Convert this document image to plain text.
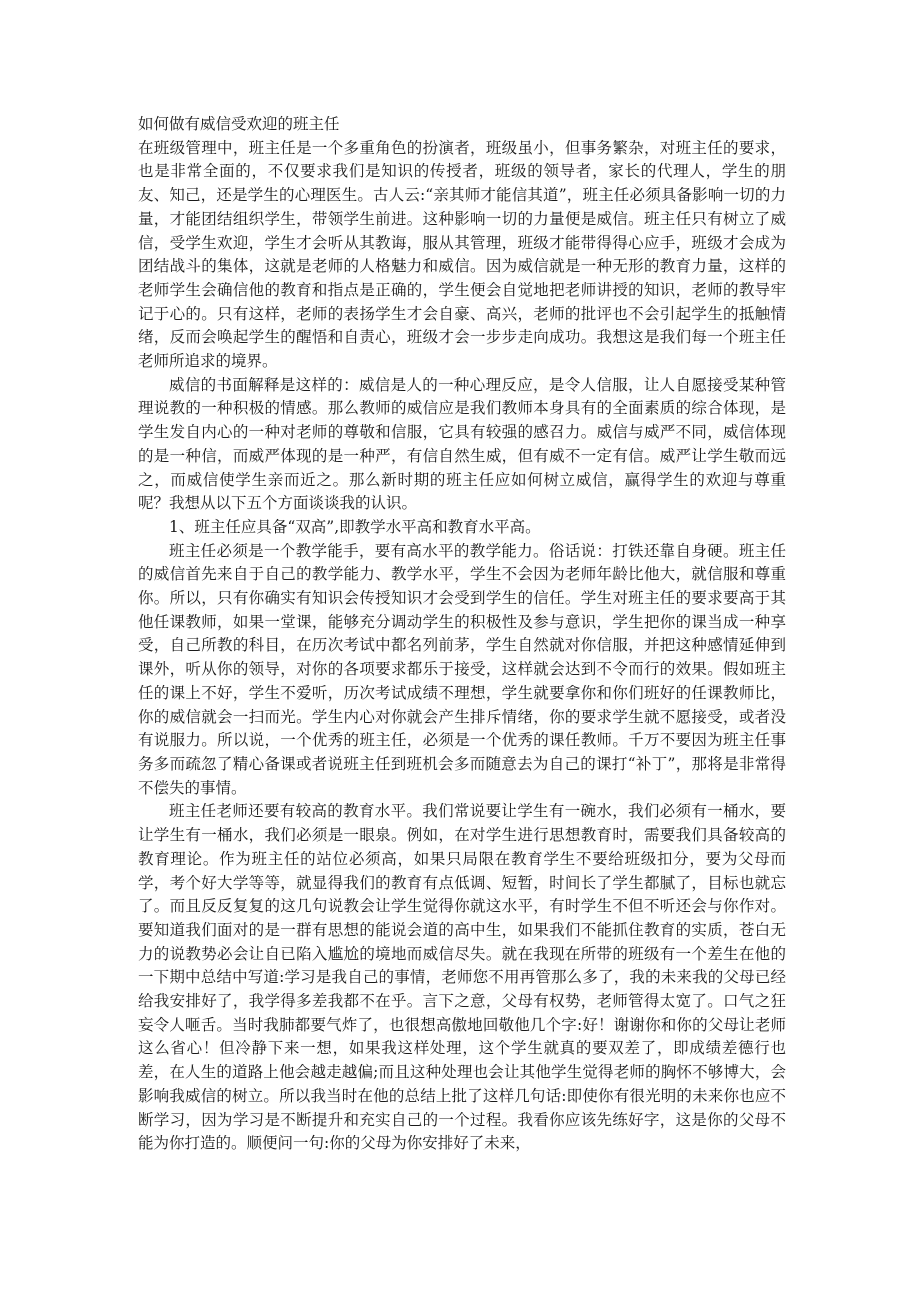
如何做有威信受欢迎的班主任

在班级管理中，班主任是一个多重角色的扮演者，班级虽小，但事务繁杂，对班主任的要求，也是非常全面的，不仅要求我们是知识的传授者，班级的领导者，家长的代理人，学生的朋友、知己，还是学生的心理医生。古人云:“亲其师才能信其道”，班主任必须具备影响一切的力量，才能团结组织学生，带领学生前进。这种影响一切的力量便是威信。班主任只有树立了威信，受学生欢迎，学生才会听从其教诲，服从其管理，班级才能带得得心应手，班级才会成为团结战斗的集体，这就是老师的人格魅力和威信。因为威信就是一种无形的教育力量，这样的老师学生会确信他的教育和指点是正确的，学生便会自觉地把老师讲授的知识，老师的教导牢记于心的。只有这样，老师的表扬学生才会自豪、高兴，老师的批评也不会引起学生的抵触情绪，反而会唤起学生的醒悟和自责心，班级才会一步步走向成功。我想这是我们每一个班主任老师所追求的境界。

威信的书面解释是这样的：威信是人的一种心理反应，是令人信服，让人自愿接受某种管理说教的一种积极的情感。那么教师的威信应是我们教师本身具有的全面素质的综合体现，是学生发自内心的一种对老师的尊敬和信服，它具有较强的感召力。威信与威严不同，威信体现的是一种信，而威严体现的是一种严，有信自然生威，但有威不一定有信。威严让学生敬而远之，而威信使学生亲而近之。那么新时期的班主任应如何树立威信，赢得学生的欢迎与尊重呢？我想从以下五个方面谈谈我的认识。

1、班主任应具备“双高”,即教学水平高和教育水平高。

班主任必须是一个教学能手，要有高水平的教学能力。俗话说：打铁还靠自身硬。班主任的威信首先来自于自己的教学能力、教学水平，学生不会因为老师年龄比他大，就信服和尊重你。所以，只有你确实有知识会传授知识才会受到学生的信任。学生对班主任的要求要高于其他任课教师，如果一堂课，能够充分调动学生的积极性及参与意识，学生把你的课当成一种享受，自己所教的科目，在历次考试中都名列前茅，学生自然就对你信服，并把这种感情延伸到课外，听从你的领导，对你的各项要求都乐于接受，这样就会达到不令而行的效果。假如班主任的课上不好，学生不爱听，历次考试成绩不理想，学生就要拿你和你们班好的任课教师比，你的威信就会一扫而光。学生内心对你就会产生排斥情绪，你的要求学生就不愿接受，或者没有说服力。所以说，一个优秀的班主任，必须是一个优秀的课任教师。千万不要因为班主任事务多而疏忽了精心备课或者说班主任到班机会多而随意去为自己的课打“补丁”，那将是非常得不偿失的事情。

班主任老师还要有较高的教育水平。我们常说要让学生有一碗水，我们必须有一桶水，要让学生有一桶水，我们必须是一眼泉。例如，在对学生进行思想教育时，需要我们具备较高的教育理论。作为班主任的站位必须高，如果只局限在教育学生不要给班级扣分，要为父母而学，考个好大学等等，就显得我们的教育有点低调、短暂，时间长了学生都腻了，目标也就忘了。而且反反复复的这几句说教会让学生觉得你就这水平，有时学生不但不听还会与你作对。要知道我们面对的是一群有思想的能说会道的高中生，如果我们不能抓住教育的实质，苍白无力的说教势必会让自已陷入尴尬的境地而威信尽失。就在我现在所带的班级有一个差生在他的一下期中总结中写道:学习是我自己的事情，老师您不用再管那么多了，我的未来我的父母已经给我安排好了，我学得多差我都不在乎。言下之意，父母有权势，老师管得太宽了。口气之狂妄令人咂舌。当时我肺都要气炸了，也很想高傲地回敬他几个字:好！谢谢你和你的父母让老师这么省心！但冷静下来一想，如果我这样处理，这个学生就真的要双差了，即成绩差德行也差，在人生的道路上他会越走越偏;而且这种处理也会让其他学生觉得老师的胸怀不够博大，会影响我威信的树立。所以我当时在他的总结上批了这样几句话:即使你有很光明的未来你也应不断学习，因为学习是不断提升和充实自己的一个过程。我看你应该先练好字，这是你的父母不能为你打造的。顺便问一句:你的父母为你安排好了未来，
